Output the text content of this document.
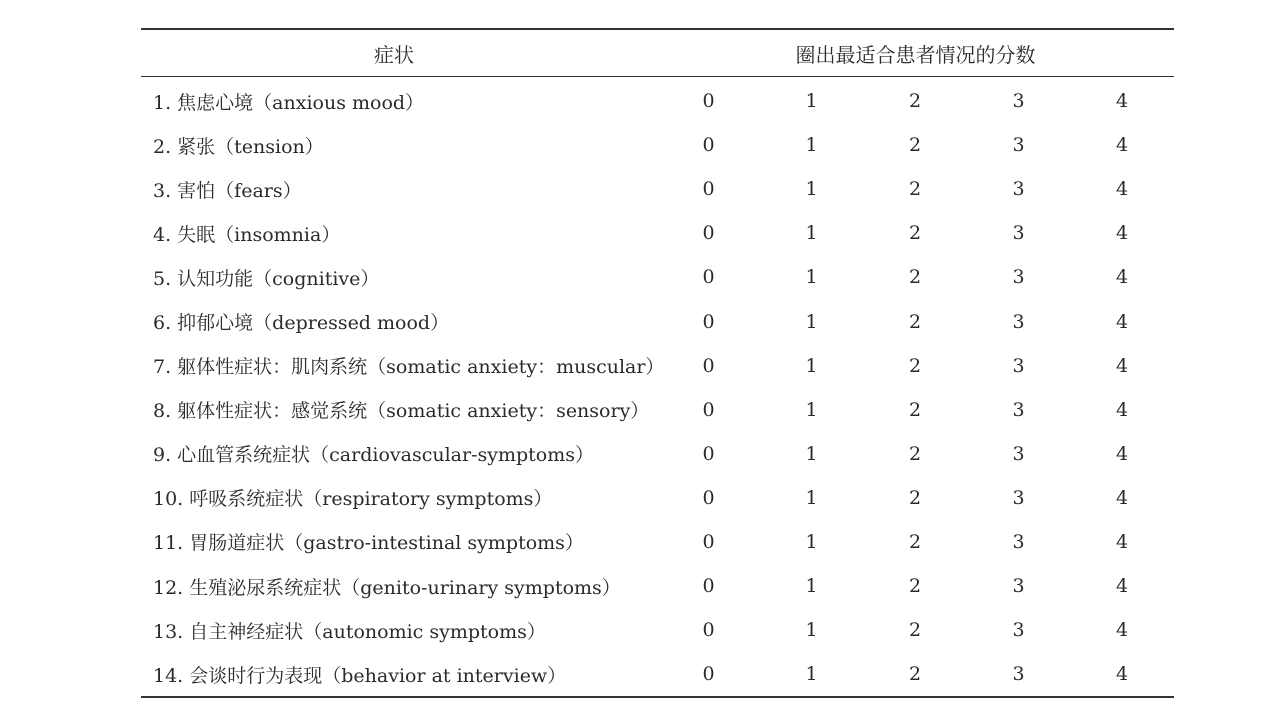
症状	圈出最适合患者情况的分数				
1. 焦虑心境（anxious mood）	0	1	2	3	4
2. 紧张（tension）	0	1	2	3	4
3. 害怕（fears）	0	1	2	3	4
4. 失眠（insomnia）	0	1	2	3	4
5. 认知功能（cognitive）	0	1	2	3	4
6. 抑郁心境（depressed mood）	0	1	2	3	4
7. 躯体性症状：肌肉系统（somatic anxiety：muscular）	0	1	2	3	4
8. 躯体性症状：感觉系统（somatic anxiety：sensory）	0	1	2	3	4
9. 心血管系统症状（cardiovascular-symptoms）	0	1	2	3	4
10. 呼吸系统症状（respiratory symptoms）	0	1	2	3	4
11. 胃肠道症状（gastro-intestinal symptoms）	0	1	2	3	4
12. 生殖泌尿系统症状（genito-urinary symptoms）	0	1	2	3	4
13. 自主神经症状（autonomic symptoms）	0	1	2	3	4
14. 会谈时行为表现（behavior at interview）	0	1	2	3	4
